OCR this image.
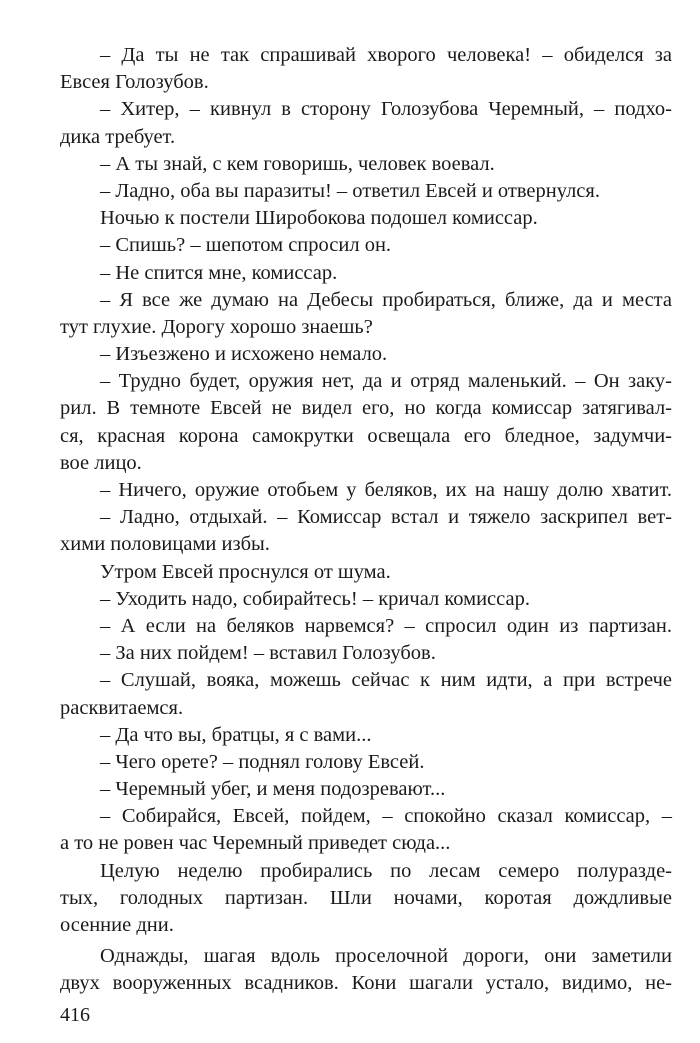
– Да ты не так спрашивай хворого человека! – обиделся за
Евсея Голозубов.
– Хитер, – кивнул в сторону Голозубова Черемный, – подхо-
дика требует.
– А ты знай, с кем говоришь, человек воевал.
– Ладно, оба вы паразиты! – ответил Евсей и отвернулся.
Ночью к постели Широбокова подошел комиссар.
– Спишь? – шепотом спросил он.
– Не спится мне, комиссар.
– Я все же думаю на Дебесы пробираться, ближе, да и места
тут глухие. Дорогу хорошо знаешь?
– Изъезжено и исхожено немало.
– Трудно будет, оружия нет, да и отряд маленький. – Он заку-
рил. В темноте Евсей не видел его, но когда комиссар затягивал-
ся, красная корона самокрутки освещала его бледное, задумчи-
вое лицо.
– Ничего, оружие отобьем у беляков, их на нашу долю хватит.
– Ладно, отдыхай. – Комиссар встал и тяжело заскрипел вет-
хими половицами избы.
Утром Евсей проснулся от шума.
– Уходить надо, собирайтесь! – кричал комиссар.
– А если на беляков нарвемся? – спросил один из партизан.
– За них пойдем! – вставил Голозубов.
– Слушай, вояка, можешь сейчас к ним идти, а при встрече
расквитаемся.
– Да что вы, братцы, я с вами...
– Чего орете? – поднял голову Евсей.
– Черемный убег, и меня подозревают...
– Собирайся, Евсей, пойдем, – спокойно сказал комиссар, –
а то не ровен час Черемный приведет сюда...
Целую неделю пробирались по лесам семеро полураздe-
тых, голодных партизан. Шли ночами, коротая дождливые
осенние дни.
Однажды, шагая вдоль проселочной дороги, они заметили
двух вооруженных всадников. Кони шагали устало, видимо, не-
416
